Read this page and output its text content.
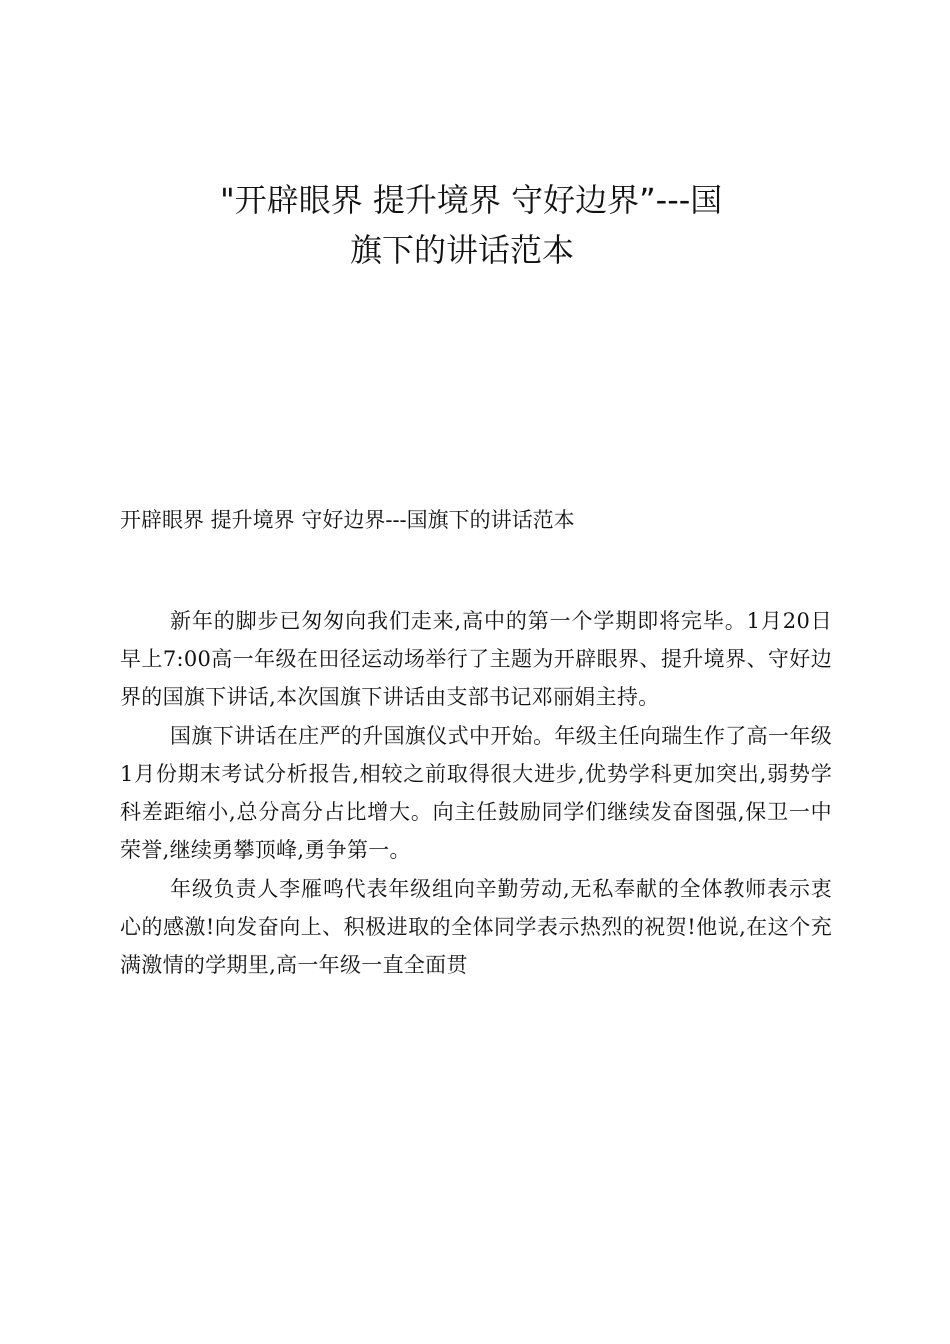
"开辟眼界 提升境界 守好边界”---国
旗下的讲话范本
开辟眼界 提升境界 守好边界---国旗下的讲话范本

新年的脚步已匆匆向我们走来,高中的第一个学期即将完毕。1月20日早上7:00高一年级在田径运动场举行了主题为开辟眼界、提升境界、守好边界的国旗下讲话,本次国旗下讲话由支部书记邓丽娟主持。

国旗下讲话在庄严的升国旗仪式中开始。年级主任向瑞生作了高一年级1月份期末考试分析报告,相较之前取得很大进步,优势学科更加突出,弱势学科差距缩小,总分高分占比增大。向主任鼓励同学们继续发奋图强,保卫一中荣誉,继续勇攀顶峰,勇争第一。

年级负责人李雁鸣代表年级组向辛勤劳动,无私奉献的全体教师表示衷心的感激!向发奋向上、积极进取的全体同学表示热烈的祝贺!他说,在这个充满激情的学期里,高一年级一直全面贯
